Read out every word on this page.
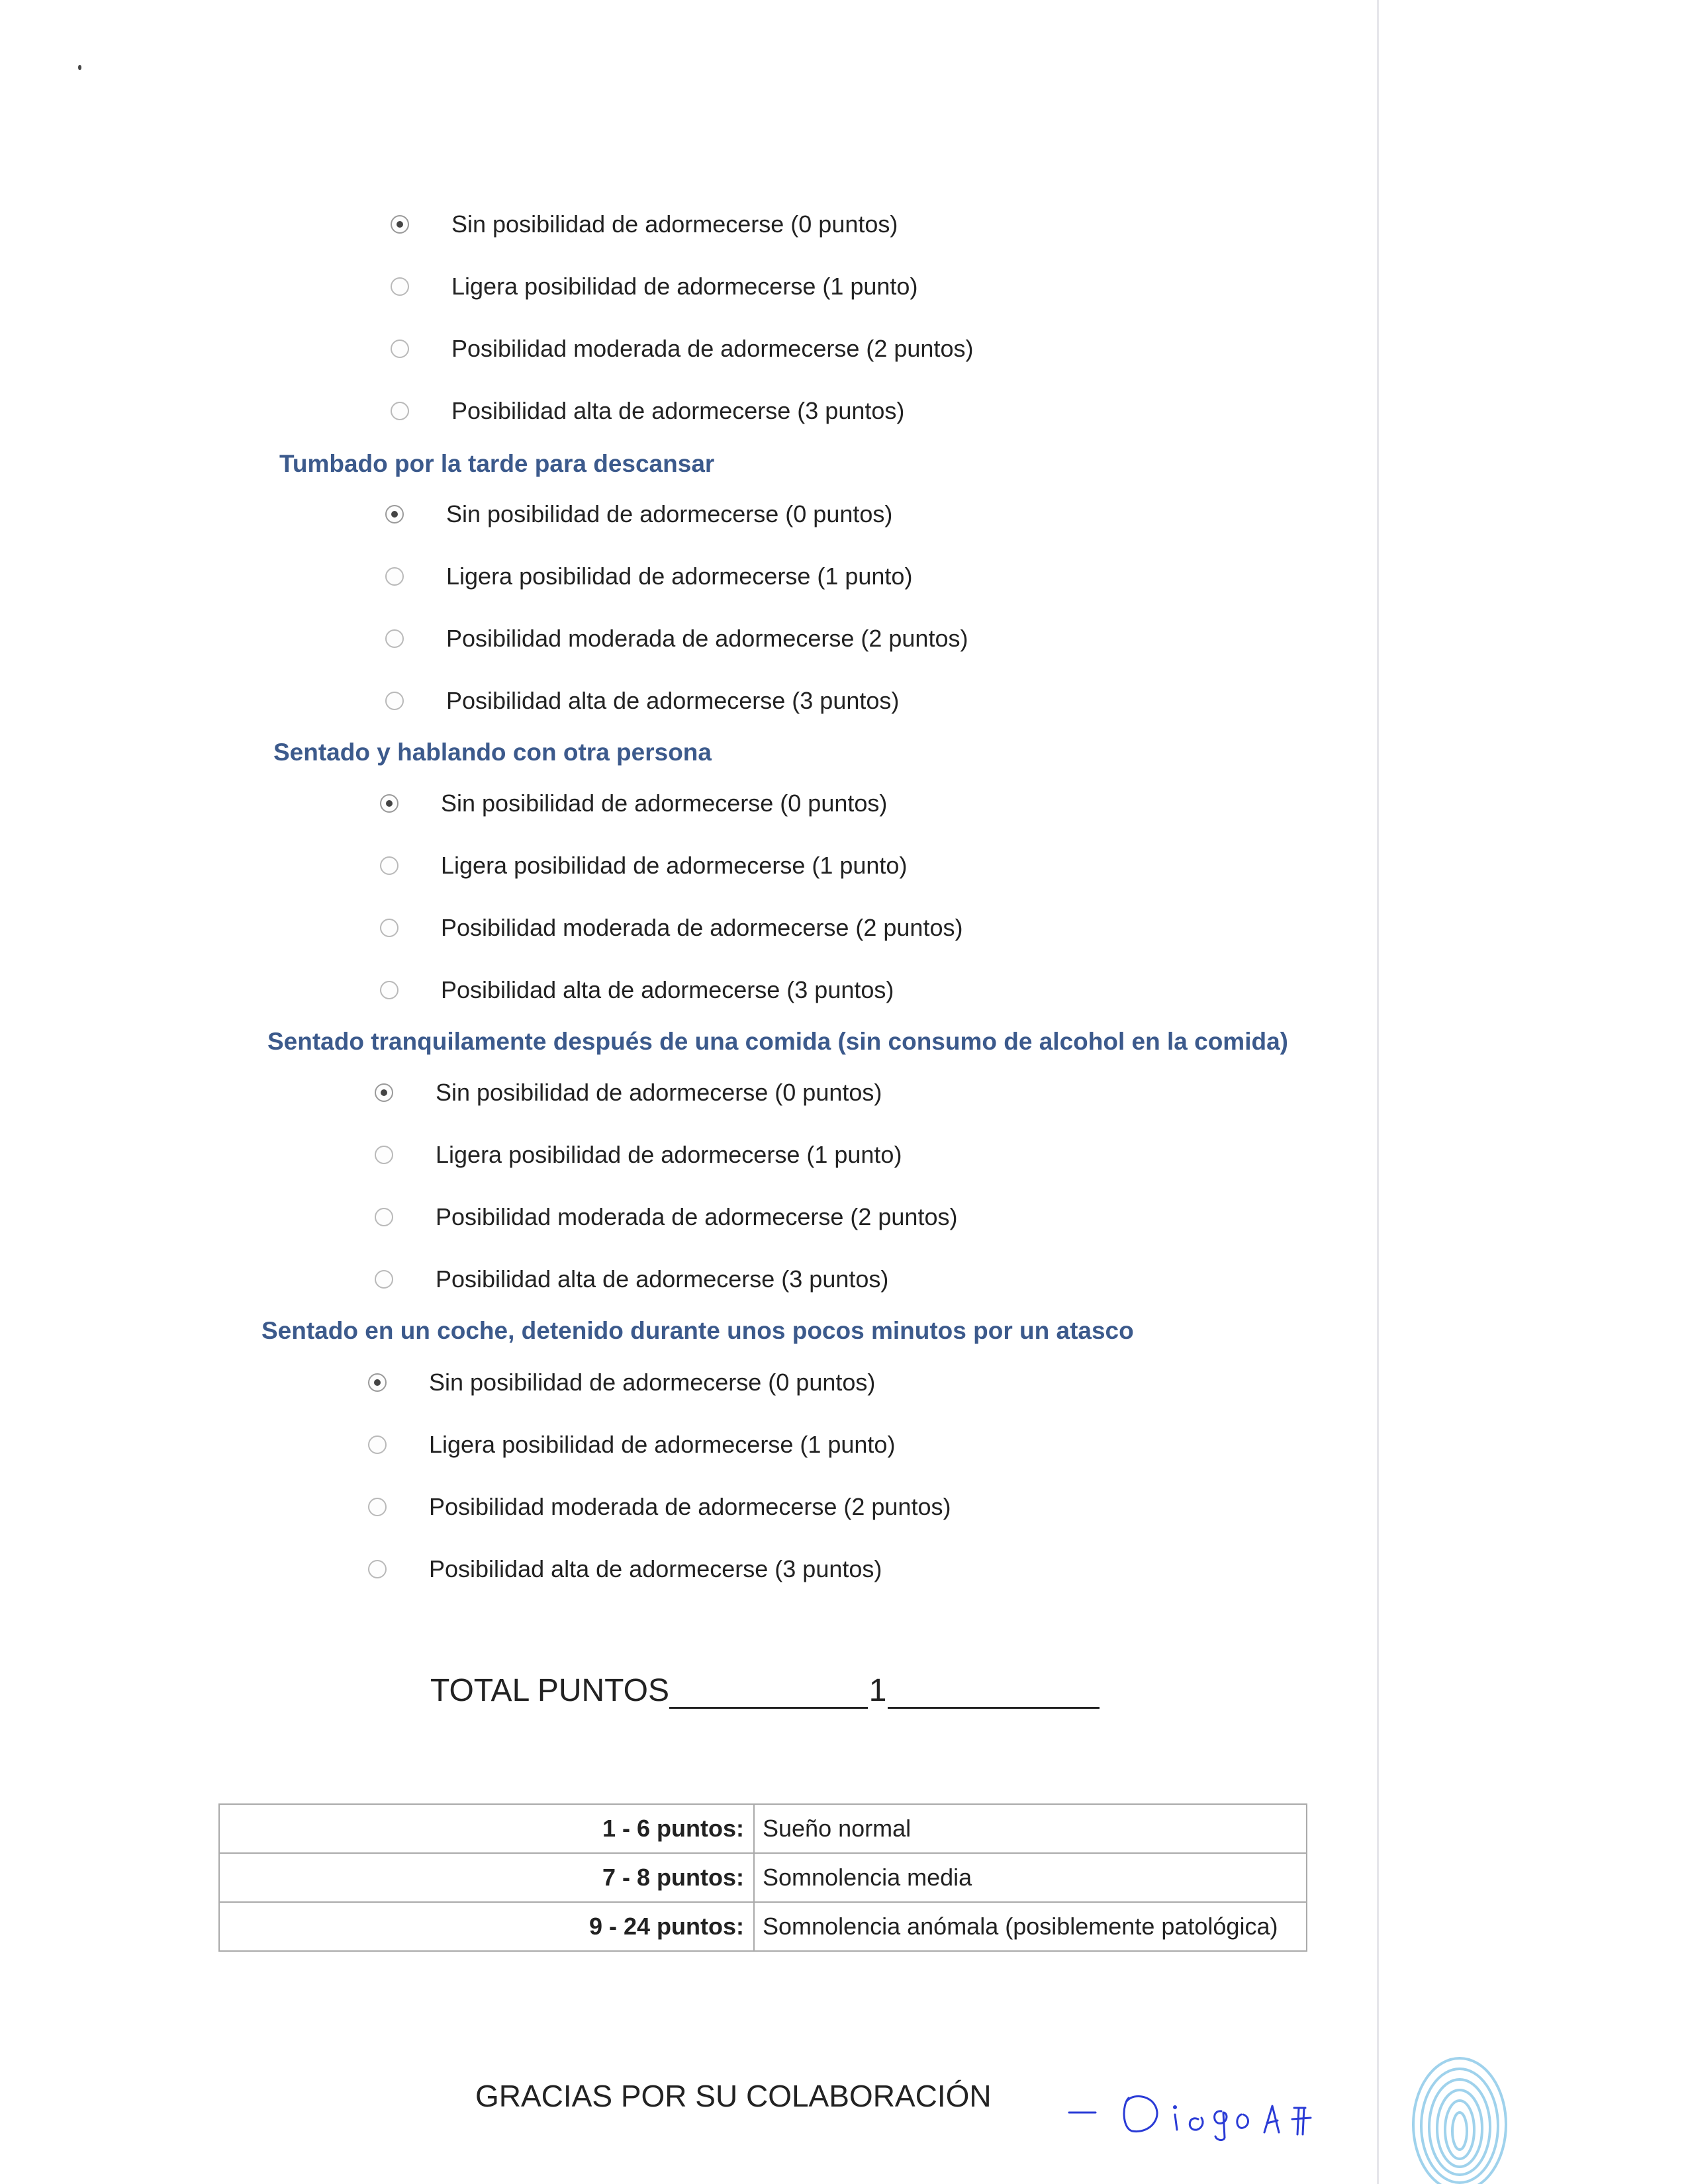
Sin posibilidad de adormecerse (0 puntos)
Ligera posibilidad de adormecerse (1 punto)
Posibilidad moderada de adormecerse (2 puntos)
Posibilidad alta de adormecerse (3 puntos)
Tumbado por la tarde para descansar
Sin posibilidad de adormecerse (0 puntos)
Ligera posibilidad de adormecerse (1 punto)
Posibilidad moderada de adormecerse (2 puntos)
Posibilidad alta de adormecerse (3 puntos)
Sentado y hablando con otra persona
Sin posibilidad de adormecerse (0 puntos)
Ligera posibilidad de adormecerse (1 punto)
Posibilidad moderada de adormecerse (2 puntos)
Posibilidad alta de adormecerse (3 puntos)
Sentado tranquilamente después de una comida (sin consumo de alcohol en la comida)
Sin posibilidad de adormecerse (0 puntos)
Ligera posibilidad de adormecerse (1 punto)
Posibilidad moderada de adormecerse (2 puntos)
Posibilidad alta de adormecerse (3 puntos)
Sentado en un coche, detenido durante unos pocos minutos por un atasco
Sin posibilidad de adormecerse (0 puntos)
Ligera posibilidad de adormecerse (1 punto)
Posibilidad moderada de adormecerse (2 puntos)
Posibilidad alta de adormecerse (3 puntos)
TOTAL PUNTOS	1
1 - 6 puntos:	Sueño normal
7 - 8 puntos:	Somnolencia media
9 - 24 puntos:	Somnolencia anómala (posiblemente patológica)
GRACIAS POR SU COLABORACIÓN
